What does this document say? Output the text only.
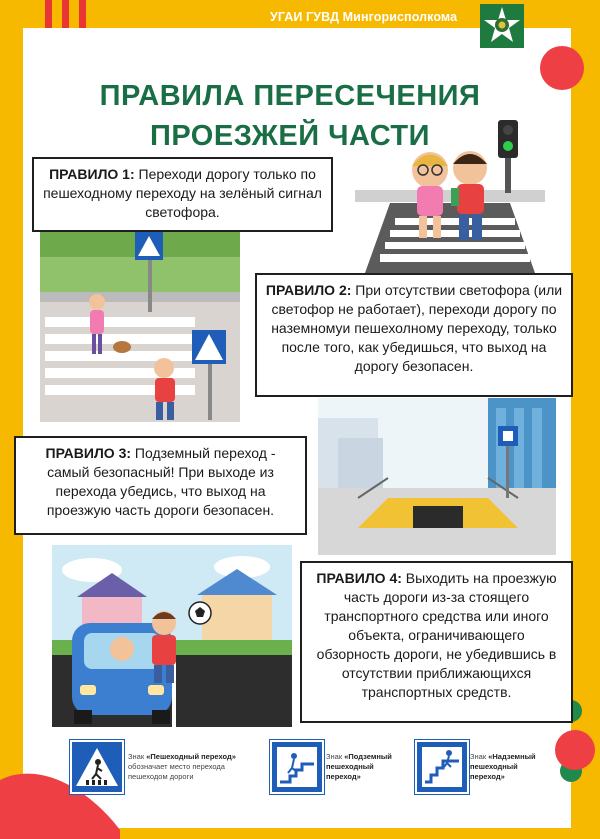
УГАИ ГУВД Мингорисполкома
ПРАВИЛА ПЕРЕСЕЧЕНИЯ
ПРОЕЗЖЕЙ ЧАСТИ
ПРАВИЛО 1: Переходи дорогу только по пешеходному переходу на зелёный сигнал светофора.
ПРАВИЛО 2: При отсутствии светофора (или светофор не работает), переходи дорогу по наземномуи пешехолному переходу, только после того, как убедишься, что выход на дорогу безопасен.
ПРАВИЛО 3: Подземный переход - самый безопасный! При выходе из перехода убедись, что выход на проезжую часть дороги безопасен.
ПРАВИЛО 4: Выходить на проезжую часть дороги из-за стоящего транспортного средства или иного объекта, ограничивающего обзорность дороги, не убедившись в отсутствии приближающихся транспортных средств.
Знак «Пешеходный переход» обозначает место перехода пешеходом дороги
Знак «Подземный пешеходный переход»
Знак «Надземный пешеходный переход»
